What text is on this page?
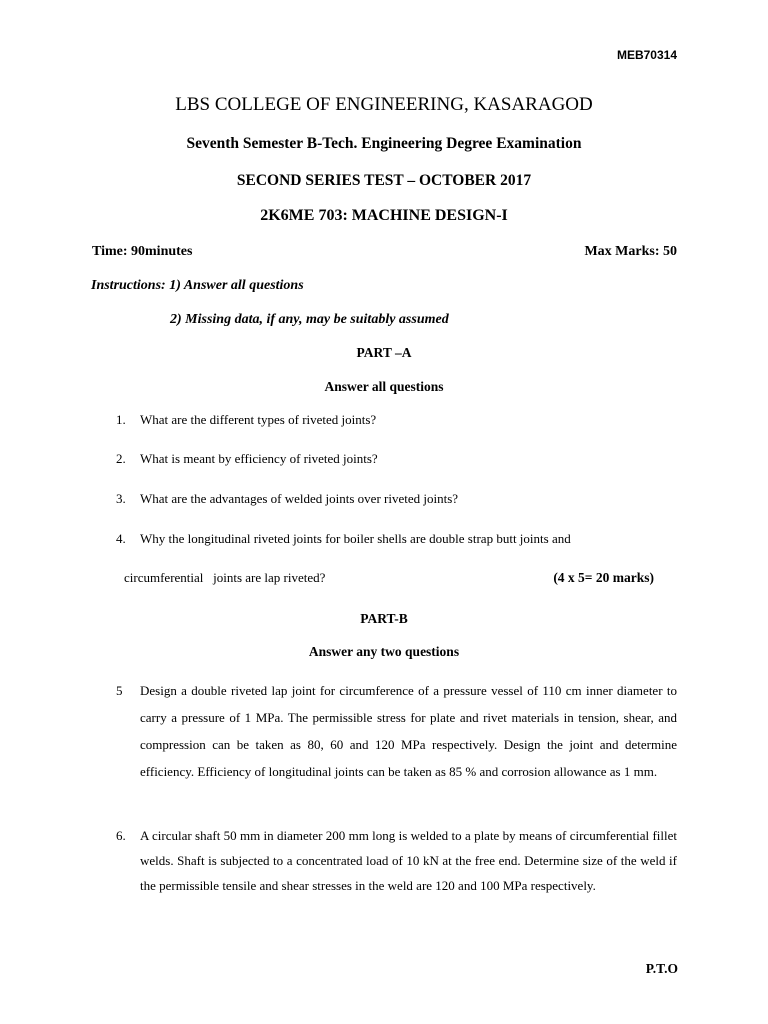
MEB70314
LBS COLLEGE OF ENGINEERING, KASARAGOD
Seventh Semester B-Tech. Engineering Degree Examination
SECOND SERIES TEST – OCTOBER 2017
2K6ME 703: MACHINE DESIGN-I
Time: 90minutes	Max Marks: 50
Instructions: 1) Answer all questions
2) Missing data, if any, may be suitably assumed
PART –A
Answer all questions
1. What are the different types of riveted joints?
2. What is meant by efficiency of riveted joints?
3. What are the advantages of welded joints over riveted joints?
4. Why the longitudinal riveted joints for boiler shells are double strap butt joints and
circumferential   joints are lap riveted?	(4 x 5= 20 marks)
PART-B
Answer any two questions
5 Design a double riveted lap joint for circumference of a pressure vessel of 110 cm inner diameter to carry a pressure of 1 MPa. The permissible stress for plate and rivet materials in tension, shear, and compression can be taken as 80, 60 and 120 MPa respectively. Design the joint and determine efficiency. Efficiency of longitudinal joints can be taken as 85 % and corrosion allowance as 1 mm.
6. A circular shaft 50 mm in diameter 200 mm long is welded to a plate by means of circumferential fillet welds. Shaft is subjected to a concentrated load of 10 kN at the free end. Determine size of the weld if the permissible tensile and shear stresses in the weld are 120 and 100 MPa respectively.
P.T.O
